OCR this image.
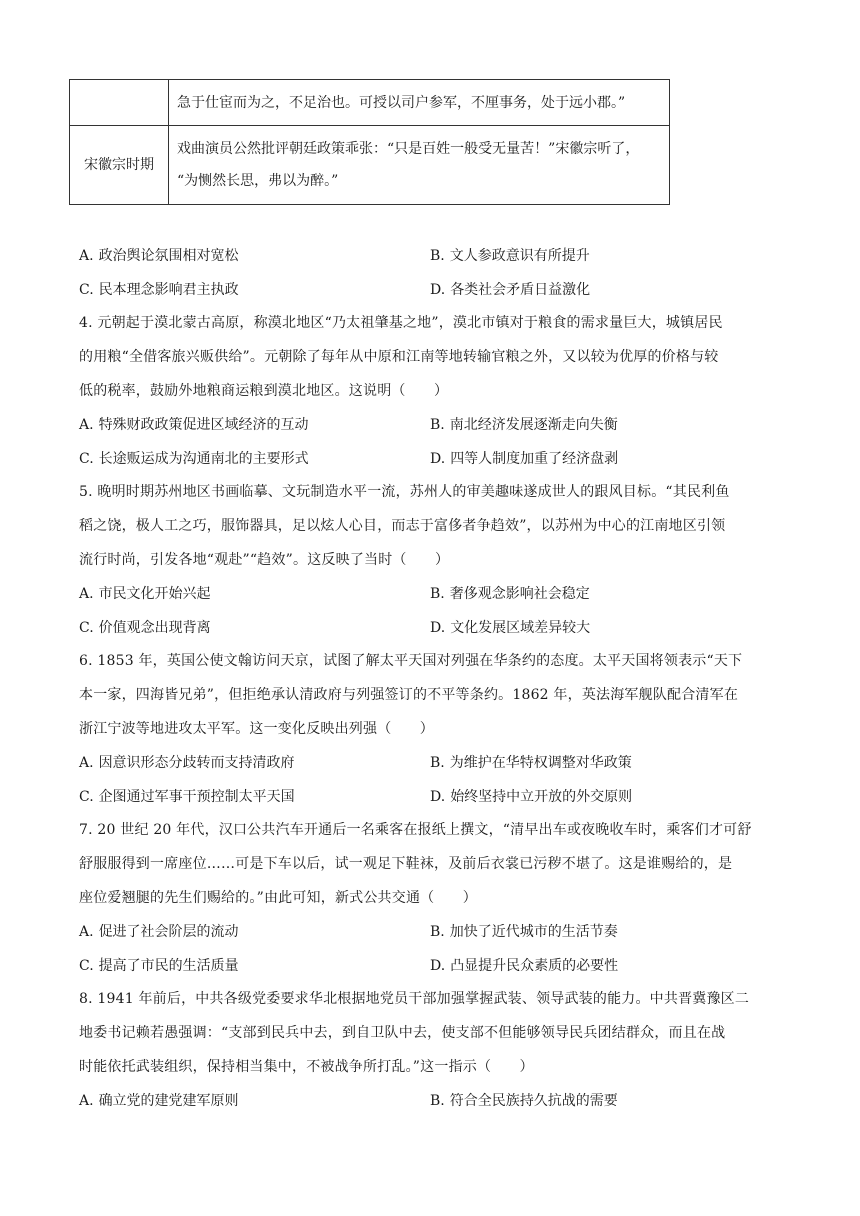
	急于仕宦而为之，不足治也。可授以司户参军，不厘事务，处于远小郡。”
宋徽宗时期	戏曲演员公然批评朝廷政策乖张：“只是百姓一般受无量苦！”宋徽宗听了，
“为恻然长思，弗以为醉。”
A. 政治舆论氛围相对宽松	B. 文人参政意识有所提升
C. 民本理念影响君主执政	D. 各类社会矛盾日益激化
4. 元朝起于漠北蒙古高原，称漠北地区“乃太祖肇基之地”，漠北市镇对于粮食的需求量巨大，城镇居民
的用粮“全借客旅兴贩供给”。元朝除了每年从中原和江南等地转输官粮之外，又以较为优厚的价格与较
低的税率，鼓励外地粮商运粮到漠北地区。这说明（　　）
A. 特殊财政政策促进区域经济的互动	B. 南北经济发展逐渐走向失衡
C. 长途贩运成为沟通南北的主要形式	D. 四等人制度加重了经济盘剥
5. 晚明时期苏州地区书画临摹、文玩制造水平一流，苏州人的审美趣味遂成世人的跟风目标。“其民利鱼
稻之饶，极人工之巧，服饰器具，足以炫人心目，而志于富侈者争趋效”，以苏州为中心的江南地区引领
流行时尚，引发各地“观赴”“趋效”。这反映了当时（　　）
A. 市民文化开始兴起	B. 奢侈观念影响社会稳定
C. 价值观念出现背离	D. 文化发展区域差异较大
6. 1853 年，英国公使文翰访问天京，试图了解太平天国对列强在华条约的态度。太平天国将领表示“天下
本一家，四海皆兄弟”，但拒绝承认清政府与列强签订的不平等条约。1862 年，英法海军舰队配合清军在
浙江宁波等地进攻太平军。这一变化反映出列强（　　）
A. 因意识形态分歧转而支持清政府	B. 为维护在华特权调整对华政策
C. 企图通过军事干预控制太平天国	D. 始终坚持中立开放的外交原则
7. 20 世纪 20 年代，汉口公共汽车开通后一名乘客在报纸上撰文，“清早出车或夜晚收车时，乘客们才可舒
舒服服得到一席座位……可是下车以后，试一观足下鞋袜，及前后衣裳已污秽不堪了。这是谁赐给的，是
座位爱翘腿的先生们赐给的。”由此可知，新式公共交通（　　）
A. 促进了社会阶层的流动	B. 加快了近代城市的生活节奏
C. 提高了市民的生活质量	D. 凸显提升民众素质的必要性
8. 1941 年前后，中共各级党委要求华北根据地党员干部加强掌握武装、领导武装的能力。中共晋冀豫区二
地委书记赖若愚强调：“支部到民兵中去，到自卫队中去，使支部不但能够领导民兵团结群众，而且在战
时能依托武装组织，保持相当集中，不被战争所打乱。”这一指示（　　）
A. 确立党的建党建军原则	B. 符合全民族持久抗战的需要
